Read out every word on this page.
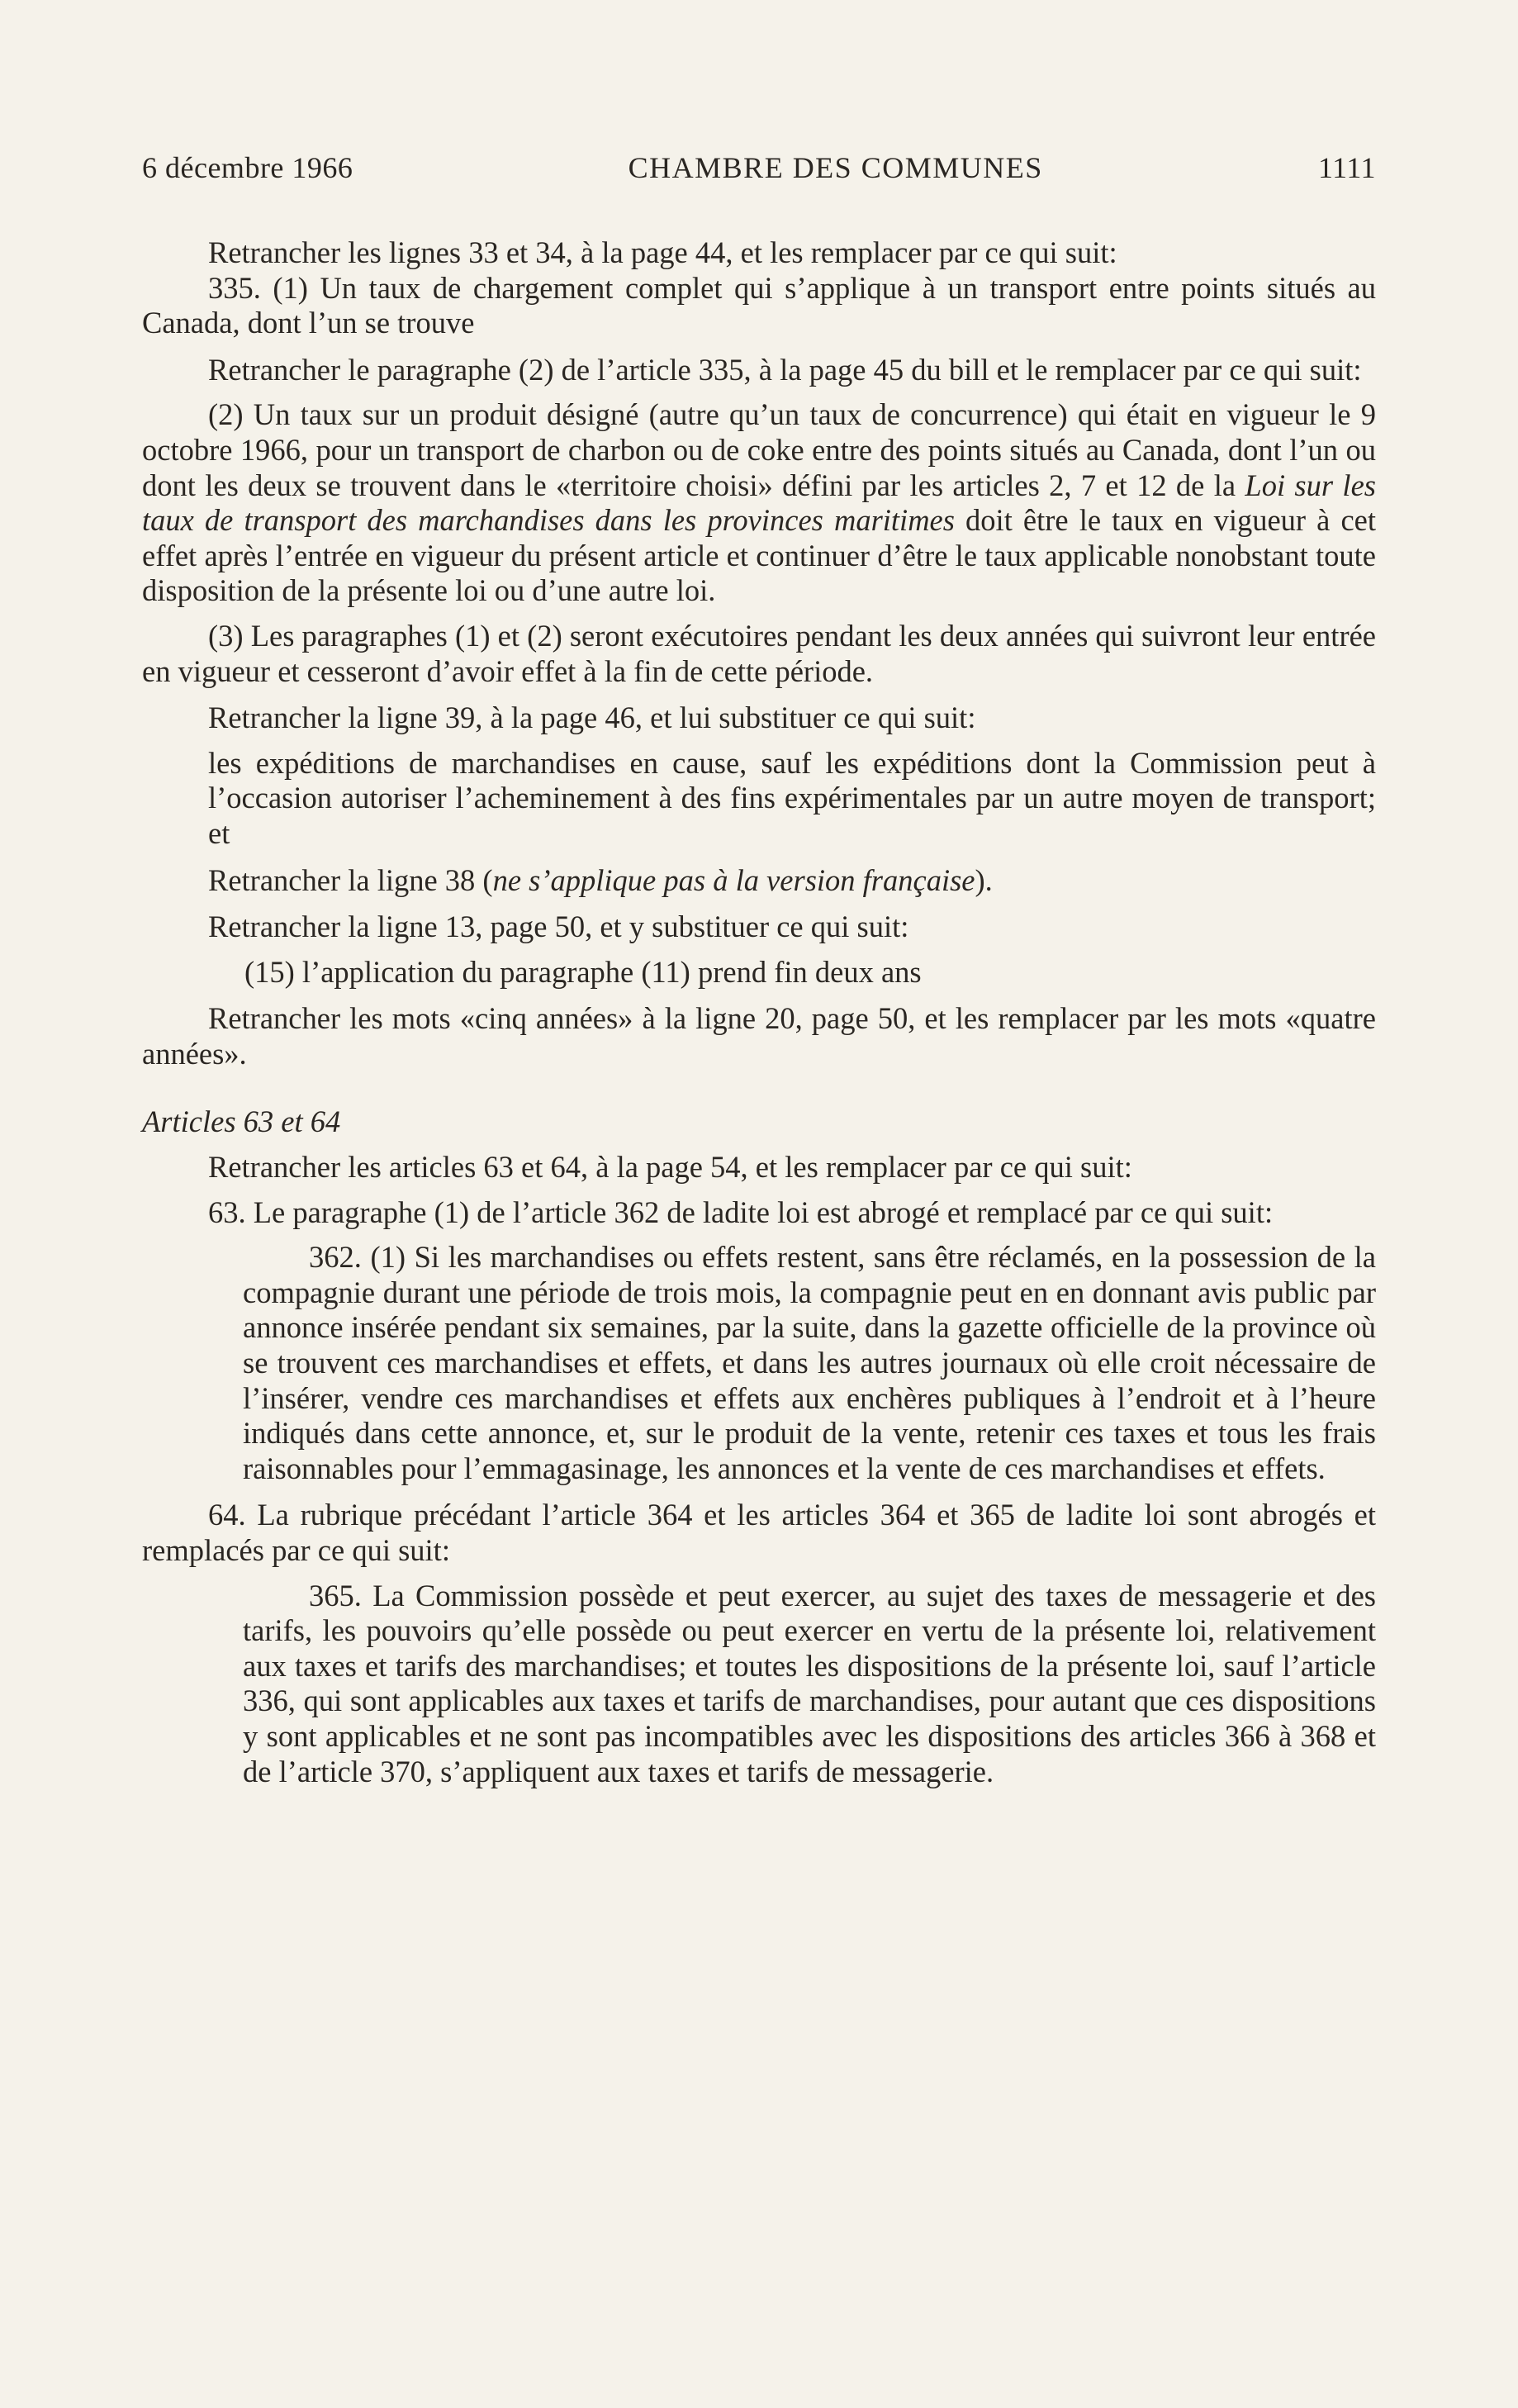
6 décembre 1966	CHAMBRE DES COMMUNES	1111

Retrancher les lignes 33 et 34, à la page 44, et les remplacer par ce qui suit:

335. (1) Un taux de chargement complet qui s’applique à un transport entre points situés au Canada, dont l’un se trouve

Retrancher le paragraphe (2) de l’article 335, à la page 45 du bill et le remplacer par ce qui suit:

(2) Un taux sur un produit désigné (autre qu’un taux de concurrence) qui était en vigueur le 9 octobre 1966, pour un transport de charbon ou de coke entre des points situés au Canada, dont l’un ou dont les deux se trouvent dans le «territoire choisi» défini par les articles 2, 7 et 12 de la Loi sur les taux de transport des marchandises dans les provinces maritimes doit être le taux en vigueur à cet effet après l’entrée en vigueur du présent article et continuer d’être le taux applicable nonobstant toute disposition de la présente loi ou d’une autre loi.

(3) Les paragraphes (1) et (2) seront exécutoires pendant les deux années qui suivront leur entrée en vigueur et cesseront d’avoir effet à la fin de cette période.

Retrancher la ligne 39, à la page 46, et lui substituer ce qui suit:

les expéditions de marchandises en cause, sauf les expéditions dont la Commission peut à l’occasion autoriser l’acheminement à des fins expérimentales par un autre moyen de transport; et

Retrancher la ligne 38 (ne s’applique pas à la version française).

Retrancher la ligne 13, page 50, et y substituer ce qui suit:

(15) l’application du paragraphe (11) prend fin deux ans

Retrancher les mots «cinq années» à la ligne 20, page 50, et les remplacer par les mots «quatre années».

Articles 63 et 64

Retrancher les articles 63 et 64, à la page 54, et les remplacer par ce qui suit:

63. Le paragraphe (1) de l’article 362 de ladite loi est abrogé et remplacé par ce qui suit:

362. (1) Si les marchandises ou effets restent, sans être réclamés, en la possession de la compagnie durant une période de trois mois, la compagnie peut en en donnant avis public par annonce insérée pendant six semaines, par la suite, dans la gazette officielle de la province où se trouvent ces marchandises et effets, et dans les autres journaux où elle croit nécessaire de l’insérer, vendre ces marchandises et effets aux enchères publiques à l’endroit et à l’heure indiqués dans cette annonce, et, sur le produit de la vente, retenir ces taxes et tous les frais raisonnables pour l’emmagasinage, les annonces et la vente de ces marchandises et effets.

64. La rubrique précédant l’article 364 et les articles 364 et 365 de ladite loi sont abrogés et remplacés par ce qui suit:

365. La Commission possède et peut exercer, au sujet des taxes de messagerie et des tarifs, les pouvoirs qu’elle possède ou peut exercer en vertu de la présente loi, relativement aux taxes et tarifs des marchandises; et toutes les dispositions de la présente loi, sauf l’article 336, qui sont applicables aux taxes et tarifs de marchandises, pour autant que ces dispositions y sont applicables et ne sont pas incompatibles avec les dispositions des articles 366 à 368 et de l’article 370, s’appliquent aux taxes et tarifs de messagerie.
